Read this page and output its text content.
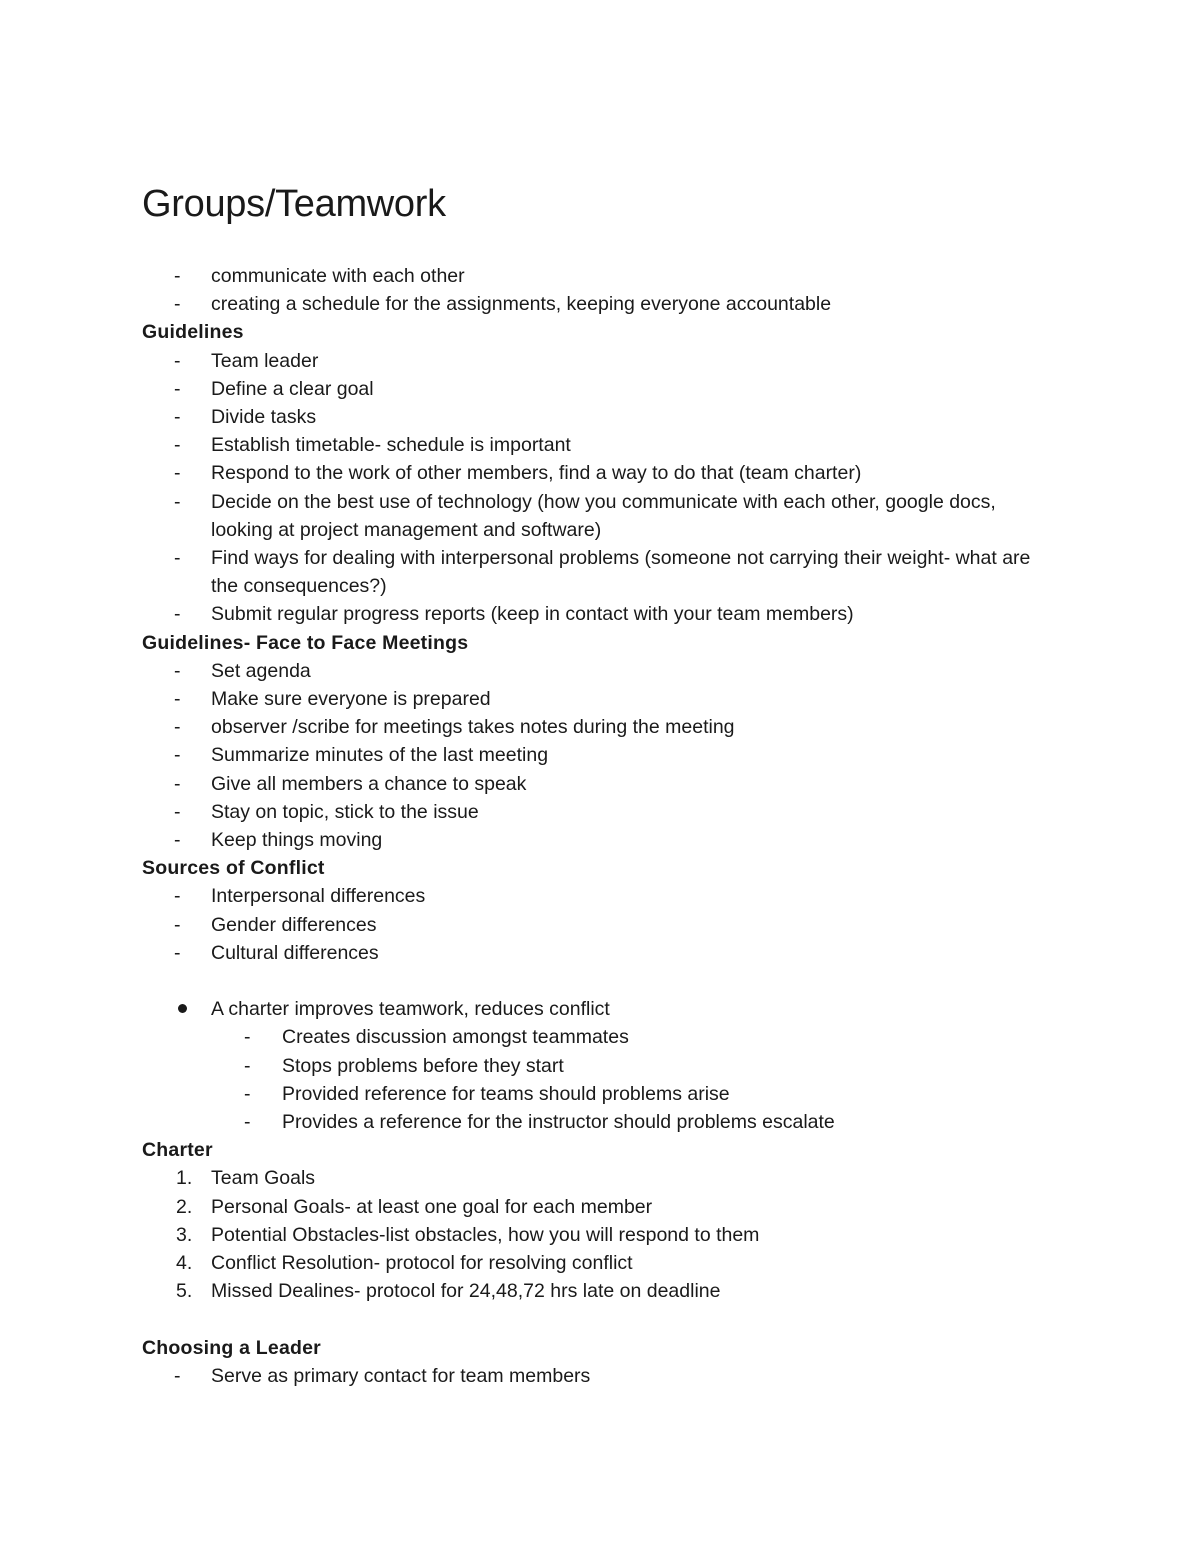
Groups/Teamwork
-	communicate with each other
-	creating a schedule for the assignments, keeping everyone accountable
Guidelines
-	Team leader
-	Define a clear goal
-	Divide tasks
-	Establish timetable- schedule is important
-	Respond to the work of other members, find a way to do that (team charter)
-	Decide on the best use of technology (how you communicate with each other, google docs, looking at project management and software)
-	Find ways for dealing with interpersonal problems (someone not carrying their weight- what are the consequences?)
-	Submit regular progress reports (keep in contact with your team members)
Guidelines- Face to Face Meetings
-	Set agenda
-	Make sure everyone is prepared
-	observer /scribe for meetings takes notes during the meeting
-	Summarize minutes of the last meeting
-	Give all members a chance to speak
-	Stay on topic, stick to the issue
-	Keep things moving
Sources of Conflict
-	Interpersonal differences
-	Gender differences
-	Cultural differences
A charter improves teamwork, reduces conflict
-	Creates discussion amongst teammates
-	Stops problems before they start
-	Provided reference for teams should problems arise
-	Provides a reference for the instructor should problems escalate
Charter
1. Team Goals
2. Personal Goals- at least one goal for each member
3. Potential Obstacles-list obstacles, how you will respond to them
4. Conflict Resolution- protocol for resolving conflict
5. Missed Dealines- protocol for 24,48,72 hrs late on deadline
Choosing a Leader
-	Serve as primary contact for team members
